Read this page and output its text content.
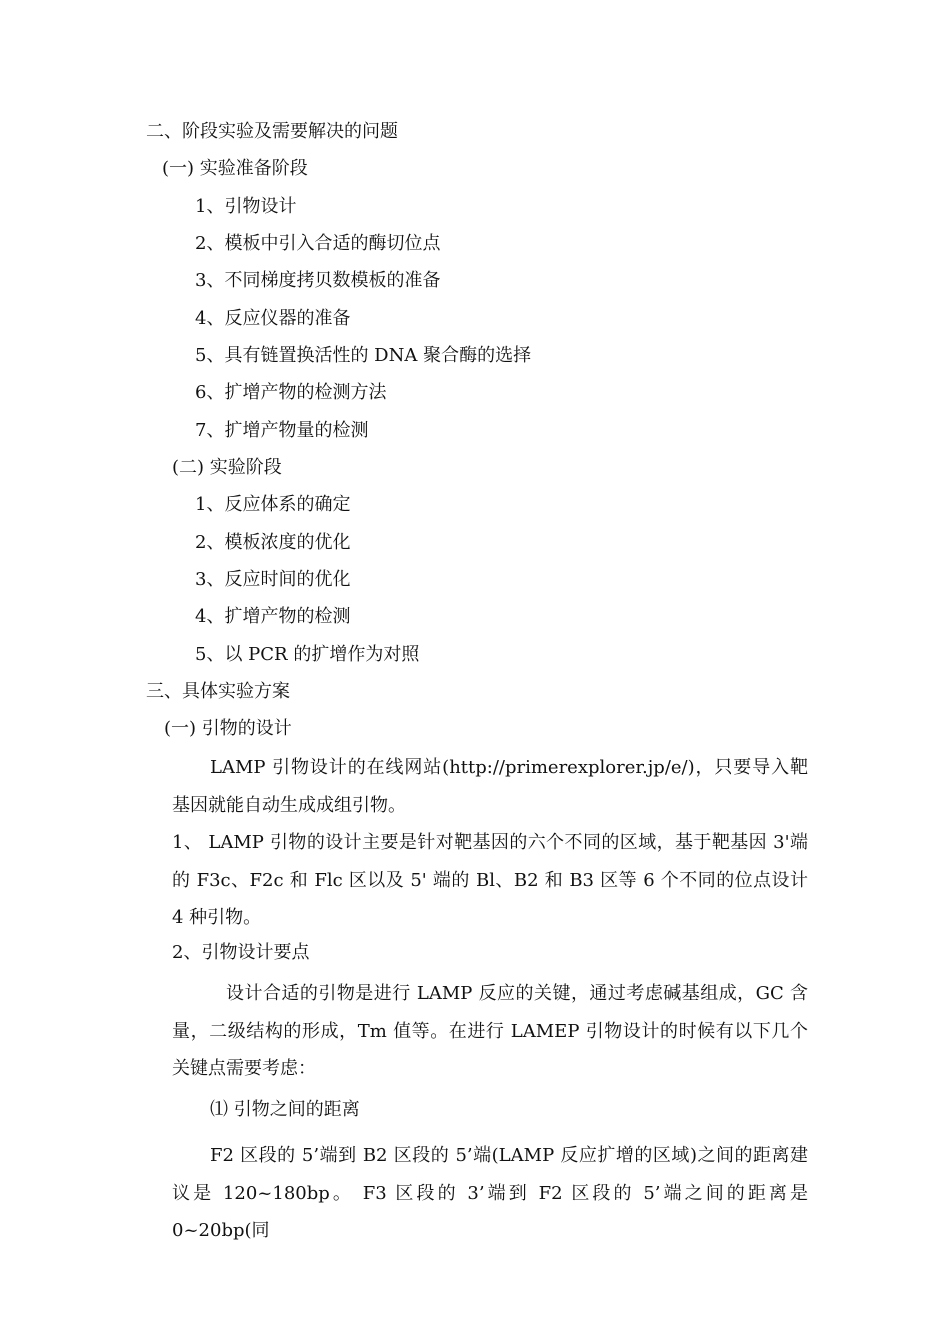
二、阶段实验及需要解决的问题
(一) 实验准备阶段
1、引物设计
2、模板中引入合适的酶切位点
3、不同梯度拷贝数模板的准备
4、反应仪器的准备
5、具有链置换活性的 DNA 聚合酶的选择
6、扩增产物的检测方法
7、扩增产物量的检测
(二) 实验阶段
1、反应体系的确定
2、模板浓度的优化
3、反应时间的优化
4、扩增产物的检测
5、以 PCR 的扩增作为对照
三、具体实验方案
(一) 引物的设计
LAMP 引物设计的在线网站(http://primerexplorer.jp/e/)，只要导入靶基因就能自动生成成组引物。
1、 LAMP 引物的设计主要是针对靶基因的六个不同的区域，基于靶基因 3'端的 F3c、F2c 和 Flc 区以及 5' 端的 Bl、B2 和 B3 区等 6 个不同的位点设计 4 种引物。
2、引物设计要点
设计合适的引物是进行 LAMP 反应的关键，通过考虑碱基组成，GC 含量，二级结构的形成，Tm 值等。在进行 LAMEP 引物设计的时候有以下几个关键点需要考虑：
⑴ 引物之间的距离
F2 区段的 5’端到 B2 区段的 5’端(LAMP 反应扩增的区域)之间的距离建议是 120~180bp。 F3 区段的 3’端到 F2 区段的 5’端之间的距离是 0~20bp(同
